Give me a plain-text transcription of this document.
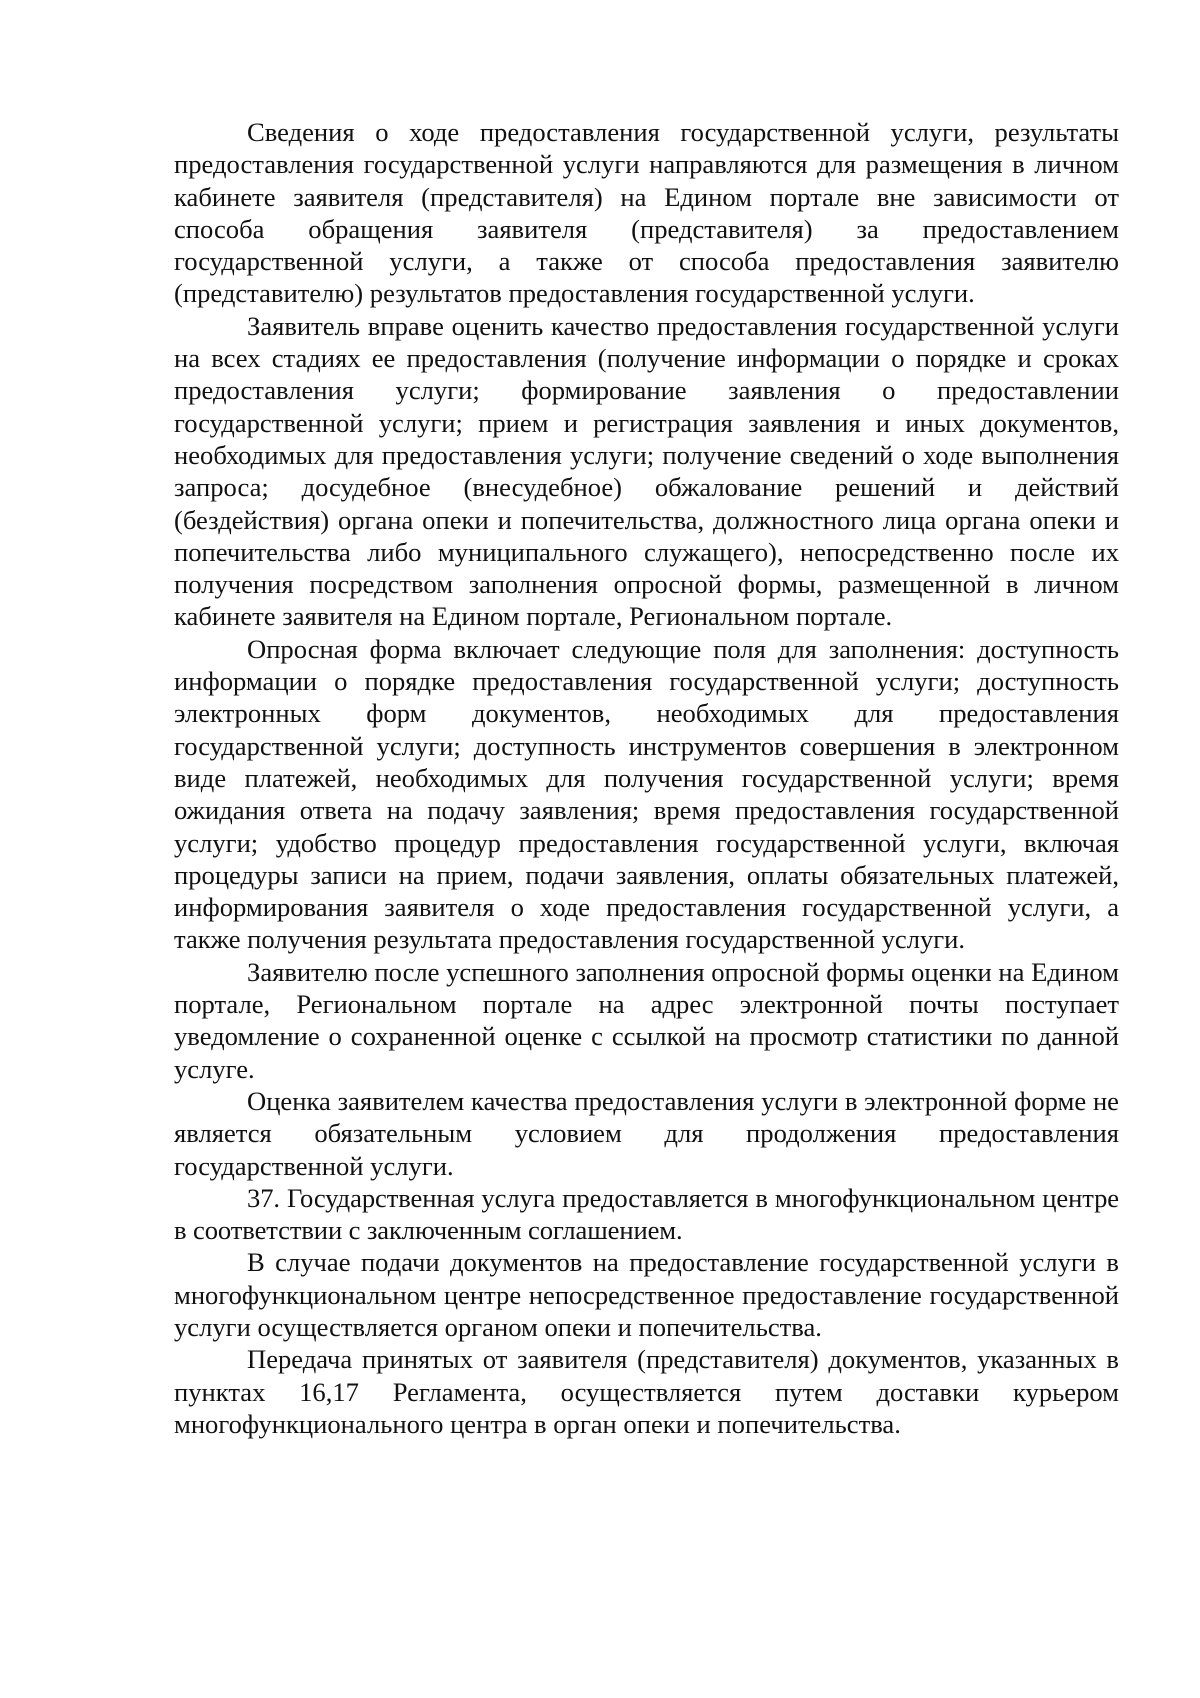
Сведения о ходе предоставления государственной услуги, результаты предоставления государственной услуги направляются для размещения в личном кабинете заявителя (представителя) на Едином портале вне зависимости от способа обращения заявителя (представителя) за предоставлением государственной услуги, а также от способа предоставления заявителю (представителю) результатов предоставления государственной услуги.

Заявитель вправе оценить качество предоставления государственной услуги на всех стадиях ее предоставления (получение информации о порядке и сроках предоставления услуги; формирование заявления о предоставлении государственной услуги; прием и регистрация заявления и иных документов, необходимых для предоставления услуги; получение сведений о ходе выполнения запроса; досудебное (внесудебное) обжалование решений и действий (бездействия) органа опеки и попечительства, должностного лица органа опеки и попечительства либо муниципального служащего), непосредственно после их получения посредством заполнения опросной формы, размещенной в личном кабинете заявителя на Едином портале, Региональном портале.

Опросная форма включает следующие поля для заполнения: доступность информации о порядке предоставления государственной услуги; доступность электронных форм документов, необходимых для предоставления государственной услуги; доступность инструментов совершения в электронном виде платежей, необходимых для получения государственной услуги; время ожидания ответа на подачу заявления; время предоставления государственной услуги; удобство процедур предоставления государственной услуги, включая процедуры записи на прием, подачи заявления, оплаты обязательных платежей, информирования заявителя о ходе предоставления государственной услуги, а также получения результата предоставления государственной услуги.

Заявителю после успешного заполнения опросной формы оценки на Едином портале, Региональном портале на адрес электронной почты поступает уведомление о сохраненной оценке с ссылкой на просмотр статистики по данной услуге.

Оценка заявителем качества предоставления услуги в электронной форме не является обязательным условием для продолжения предоставления государственной услуги.

37. Государственная услуга предоставляется в многофункциональном центре в соответствии с заключенным соглашением.

В случае подачи документов на предоставление государственной услуги в многофункциональном центре непосредственное предоставление государственной услуги осуществляется органом опеки и попечительства.

Передача принятых от заявителя (представителя) документов, указанных в пунктах 16,17 Регламента, осуществляется путем доставки курьером многофункционального центра в орган опеки и попечительства.
